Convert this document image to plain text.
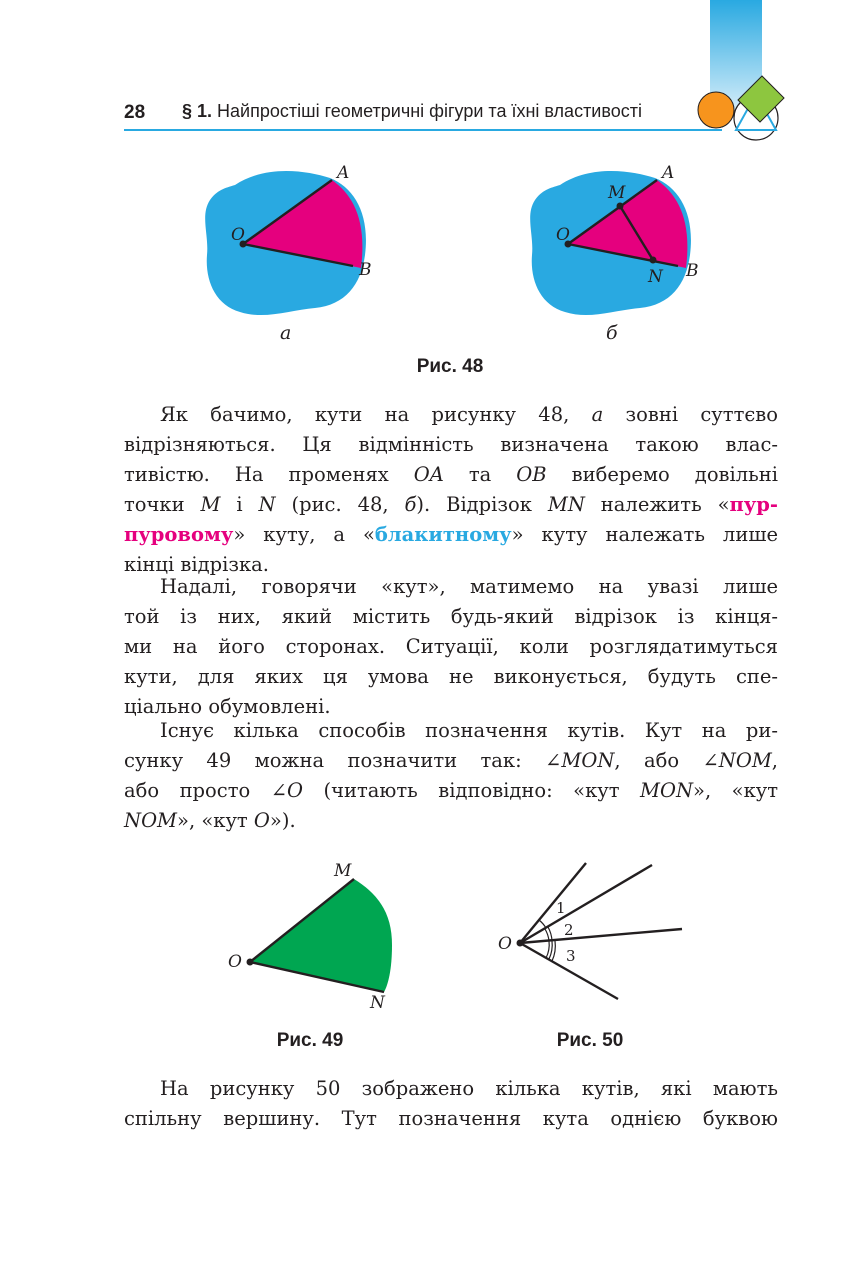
28 § 1. Найпростіші геометричні фігури та їхні властивості
O
A
B
а
O
M
A
N B
б
Рис. 48
Як бачимо, кути на рисунку 48, а зовні суттєво
відрізняються. Ця відмінність визначена такою влас-
тивістю. На променях OA та OB виберемо довільні
точки M і N (рис. 48, б). Відрізок MN належить «пур-
пуровому» куту, а «блакитному» куту належать лише
кінці відрізка.
Надалі, говорячи «кут», матимемо на увазі лише
той із них, який містить будь-який відрізок із кінця-
ми на його сторонах. Ситуації, коли розглядатимуться
кути, для яких ця умова не виконується, будуть спе-
ціально обумовлені.
Існує кілька способів позначення кутів. Кут на ри-
сунку 49 можна позначити так: ∠MON, або ∠NOM,
або просто ∠O (читають відповідно: «кут MON», «кут
NOM», «кут O»).
O
M
N
Рис. 49
O
1
2
3
Рис. 50
На рисунку 50 зображено кілька кутів, які мають
спільну вершину. Тут позначення кута однією буквою
